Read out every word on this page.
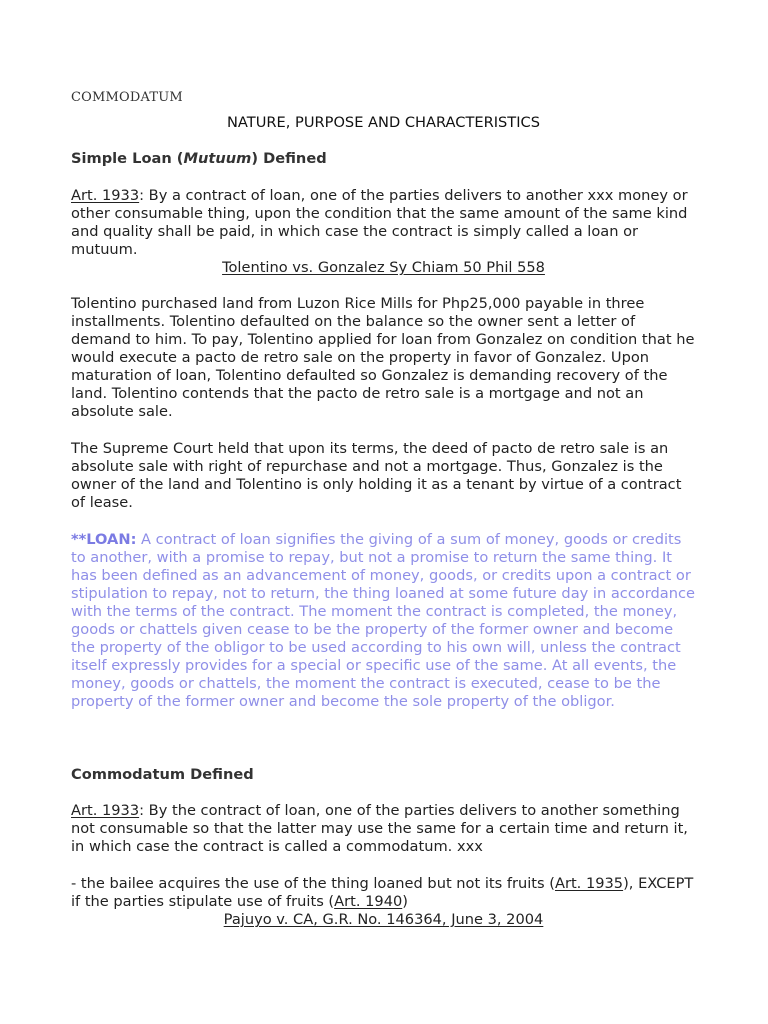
COMMODATUM

NATURE, PURPOSE AND CHARACTERISTICS

Simple Loan (Mutuum) Defined

Art. 1933: By a contract of loan, one of the parties delivers to another xxx money or other consumable thing, upon the condition that the same amount of the same kind and quality shall be paid, in which case the contract is simply called a loan or mutuum.

Tolentino vs. Gonzalez Sy Chiam 50 Phil 558

Tolentino purchased land from Luzon Rice Mills for Php25,000 payable in three installments. Tolentino defaulted on the balance so the owner sent a letter of demand to him. To pay, Tolentino applied for loan from Gonzalez on condition that he would execute a pacto de retro sale on the property in favor of Gonzalez. Upon maturation of loan, Tolentino defaulted so Gonzalez is demanding recovery of the land. Tolentino contends that the pacto de retro sale is a mortgage and not an absolute sale.

The Supreme Court held that upon its terms, the deed of pacto de retro sale is an absolute sale with right of repurchase and not a mortgage. Thus, Gonzalez is the owner of the land and Tolentino is only holding it as a tenant by virtue of a contract of lease.

**LOAN: A contract of loan signifies the giving of a sum of money, goods or credits to another, with a promise to repay, but not a promise to return the same thing. It has been defined as an advancement of money, goods, or credits upon a contract or stipulation to repay, not to return, the thing loaned at some future day in accordance with the terms of the contract. The moment the contract is completed, the money, goods or chattels given cease to be the property of the former owner and become the property of the obligor to be used according to his own will, unless the contract itself expressly provides for a special or specific use of the same. At all events, the money, goods or chattels, the moment the contract is executed, cease to be the property of the former owner and become the sole property of the obligor.

Commodatum Defined

Art. 1933: By the contract of loan, one of the parties delivers to another something not consumable so that the latter may use the same for a certain time and return it, in which case the contract is called a commodatum. xxx

- the bailee acquires the use of the thing loaned but not its fruits (Art. 1935), EXCEPT if the parties stipulate use of fruits (Art. 1940)

Pajuyo v. CA, G.R. No. 146364, June 3, 2004
